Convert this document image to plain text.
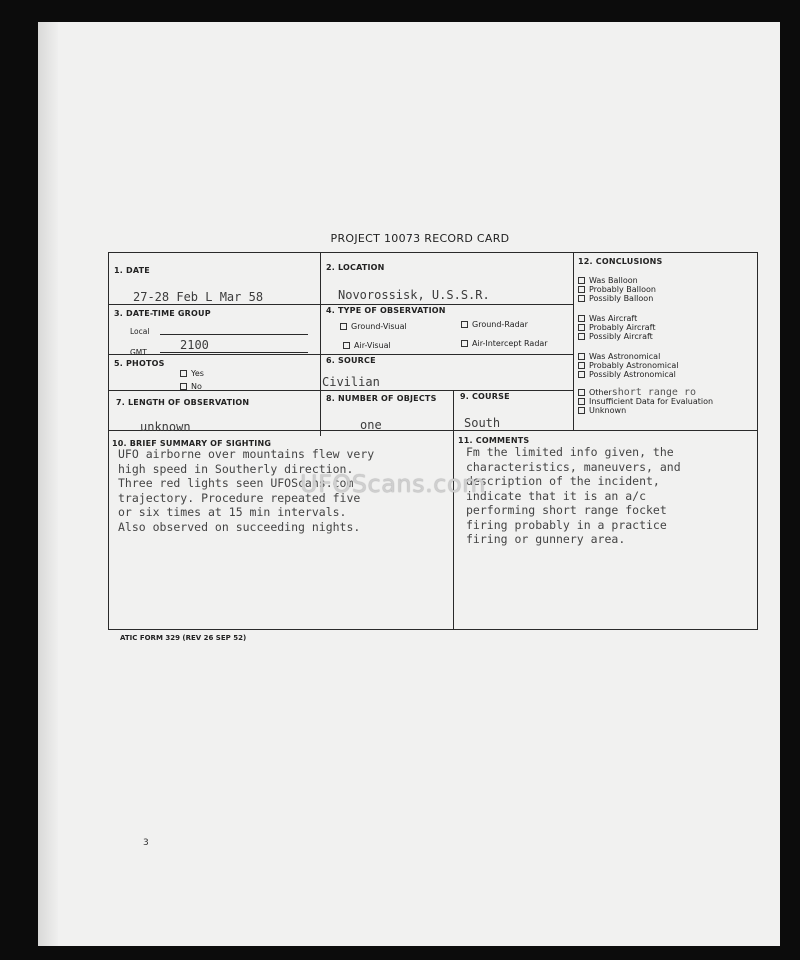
PROJECT 10073 RECORD CARD
1. DATE
27-28 Feb L Mar 58
2. LOCATION
Novorossisk, U.S.S.R.
3. DATE-TIME GROUP
Local
GMT
2100
4. TYPE OF OBSERVATION
Ground-Visual	Ground-Radar
Air-Visual	Air-Intercept Radar
5. PHOTOS
Yes
No
6. SOURCE
Civilian
7. LENGTH OF OBSERVATION
unknown
8. NUMBER OF OBJECTS
one
9. COURSE
South
10. BRIEF SUMMARY OF SIGHTING
UFO airborne over mountains flew very
high speed in Southerly direction.
Three red lights seen UFOScans.com
trajectory. Procedure repeated five
or six times at 15 min intervals.
Also observed on succeeding nights.
11. COMMENTS
Fm the limited info given, the
characteristics, maneuvers, and
description of the incident,
indicate that it is an a/c
performing short range focket
firing probably in a practice
firing or gunnery area.
12. CONCLUSIONS
Was Balloon
Probably Balloon
Possibly Balloon
Was Aircraft
Probably Aircraft
Possibly Aircraft
Was Astronomical
Probably Astronomical
Possibly Astronomical
Othershort range ro
Insufficient Data for Evaluation
Unknown
UFOScans.com
ATIC FORM 329 (REV 26 SEP 52)
3
